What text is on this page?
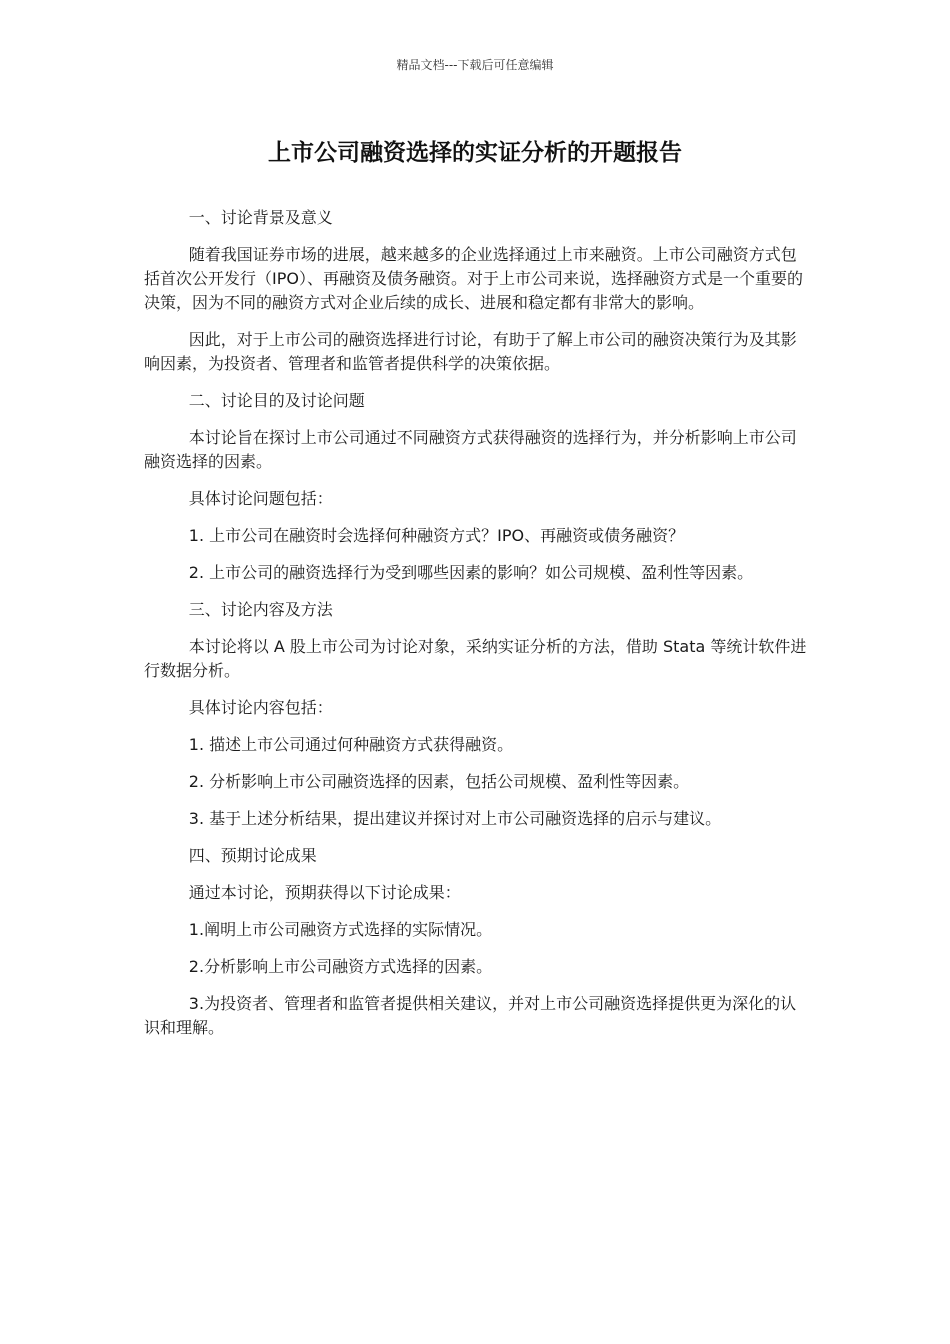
精品文档---下载后可任意编辑
上市公司融资选择的实证分析的开题报告

一、讨论背景及意义

随着我国证券市场的进展，越来越多的企业选择通过上市来融资。上市公司融资方式包括首次公开发行（IPO）、再融资及债务融资。对于上市公司来说，选择融资方式是一个重要的决策，因为不同的融资方式对企业后续的成长、进展和稳定都有非常大的影响。

因此，对于上市公司的融资选择进行讨论，有助于了解上市公司的融资决策行为及其影响因素，为投资者、管理者和监管者提供科学的决策依据。

二、讨论目的及讨论问题

本讨论旨在探讨上市公司通过不同融资方式获得融资的选择行为，并分析影响上市公司融资选择的因素。

具体讨论问题包括：

1. 上市公司在融资时会选择何种融资方式？IPO、再融资或债务融资？

2. 上市公司的融资选择行为受到哪些因素的影响？如公司规模、盈利性等因素。

三、讨论内容及方法

本讨论将以 A 股上市公司为讨论对象，采纳实证分析的方法，借助 Stata 等统计软件进行数据分析。

具体讨论内容包括：

1. 描述上市公司通过何种融资方式获得融资。

2. 分析影响上市公司融资选择的因素，包括公司规模、盈利性等因素。

3. 基于上述分析结果，提出建议并探讨对上市公司融资选择的启示与建议。

四、预期讨论成果

通过本讨论，预期获得以下讨论成果：

1.阐明上市公司融资方式选择的实际情况。

2.分析影响上市公司融资方式选择的因素。

3.为投资者、管理者和监管者提供相关建议，并对上市公司融资选择提供更为深化的认识和理解。
